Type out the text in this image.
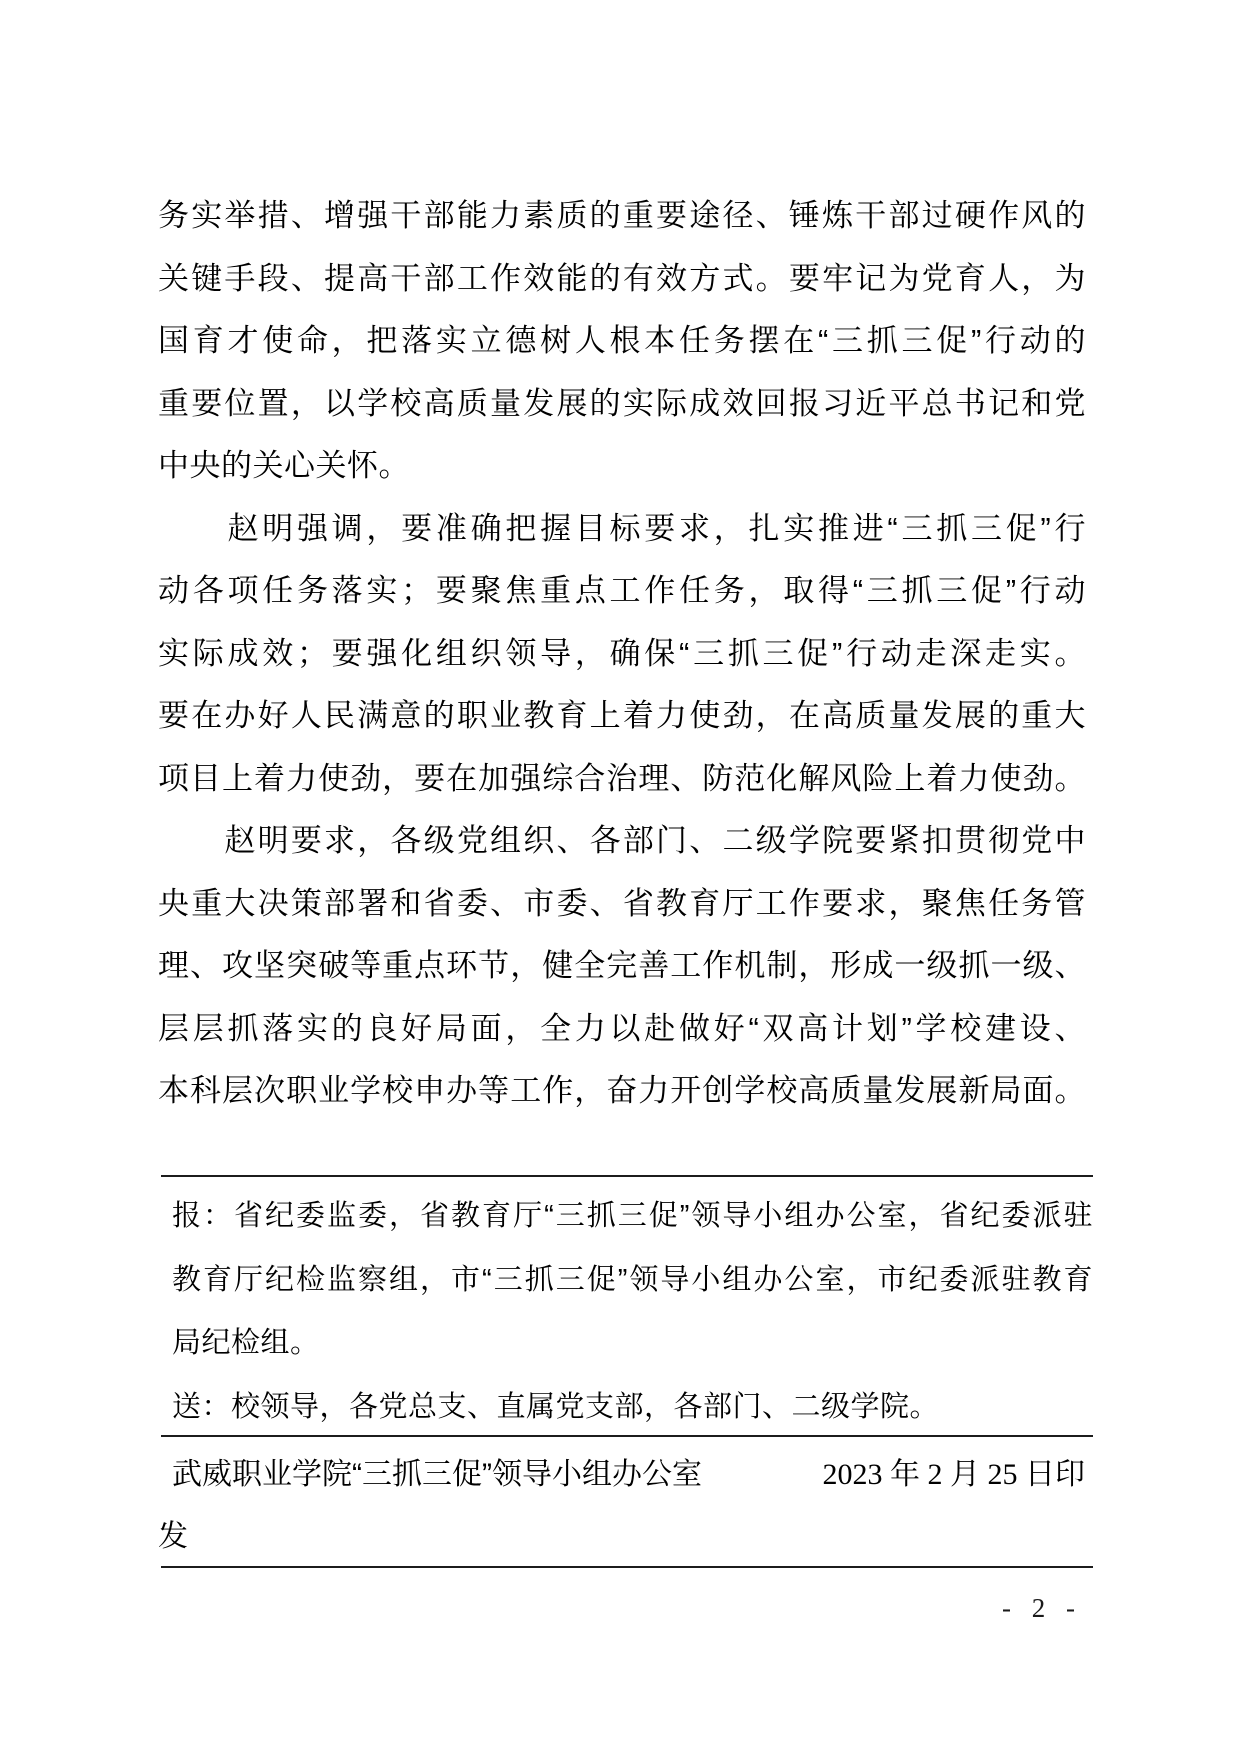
务实举措、增强干部能力素质的重要途径、锤炼干部过硬作风的
关键手段、提高干部工作效能的有效方式。要牢记为党育人，为
国育才使命，把落实立德树人根本任务摆在“三抓三促”行动的
重要位置，以学校高质量发展的实际成效回报习近平总书记和党
中央的关心关怀。
　　赵明强调，要准确把握目标要求，扎实推进“三抓三促”行
动各项任务落实；要聚焦重点工作任务，取得“三抓三促”行动
实际成效；要强化组织领导，确保“三抓三促”行动走深走实。
要在办好人民满意的职业教育上着力使劲，在高质量发展的重大
项目上着力使劲，要在加强综合治理、防范化解风险上着力使劲。
　　赵明要求，各级党组织、各部门、二级学院要紧扣贯彻党中
央重大决策部署和省委、市委、省教育厅工作要求，聚焦任务管
理、攻坚突破等重点环节，健全完善工作机制，形成一级抓一级、
层层抓落实的良好局面，全力以赴做好“双高计划”学校建设、
本科层次职业学校申办等工作，奋力开创学校高质量发展新局面。
报：省纪委监委，省教育厅“三抓三促”领导小组办公室，省纪委派驻
教育厅纪检监察组，市“三抓三促”领导小组办公室，市纪委派驻教育
局纪检组。
送：校领导，各党总支、直属党支部，各部门、二级学院。
武威职业学院“三抓三促”领导小组办公室	2023 年 2 月 25 日印
发
- 2 -
